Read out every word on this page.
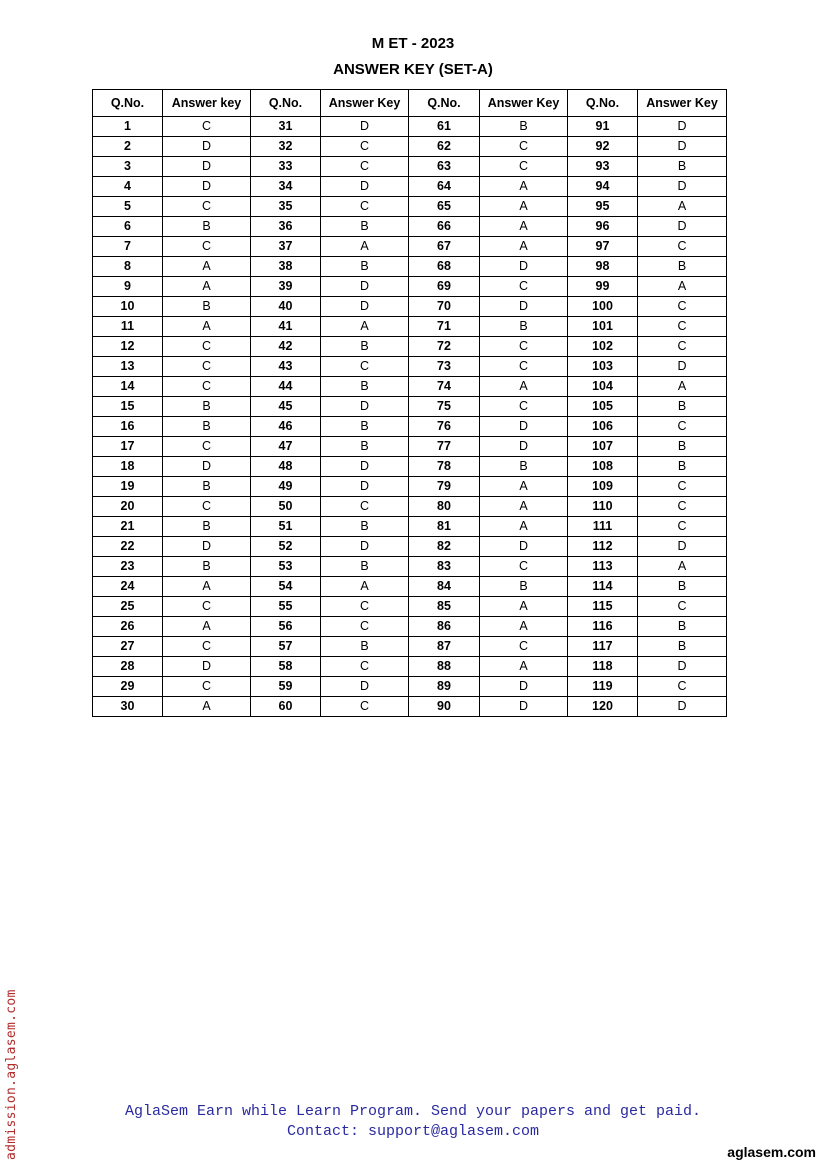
M ET - 2023
ANSWER KEY (SET-A)
Q.No.	Answer key	Q.No.	Answer Key	Q.No.	Answer Key	Q.No.	Answer Key
1	C	31	D	61	B	91	D
2	D	32	C	62	C	92	D
3	D	33	C	63	C	93	B
4	D	34	D	64	A	94	D
5	C	35	C	65	A	95	A
6	B	36	B	66	A	96	D
7	C	37	A	67	A	97	C
8	A	38	B	68	D	98	B
9	A	39	D	69	C	99	A
10	B	40	D	70	D	100	C
11	A	41	A	71	B	101	C
12	C	42	B	72	C	102	C
13	C	43	C	73	C	103	D
14	C	44	B	74	A	104	A
15	B	45	D	75	C	105	B
16	B	46	B	76	D	106	C
17	C	47	B	77	D	107	B
18	D	48	D	78	B	108	B
19	B	49	D	79	A	109	C
20	C	50	C	80	A	110	C
21	B	51	B	81	A	111	C
22	D	52	D	82	D	112	D
23	B	53	B	83	C	113	A
24	A	54	A	84	B	114	B
25	C	55	C	85	A	115	C
26	A	56	C	86	A	116	B
27	C	57	B	87	C	117	B
28	D	58	C	88	A	118	D
29	C	59	D	89	D	119	C
30	A	60	C	90	D	120	D
admission.aglasem.com	AglaSem Earn while Learn Program. Send your papers and get paid.
Contact: support@aglasem.com
aglasem.com
